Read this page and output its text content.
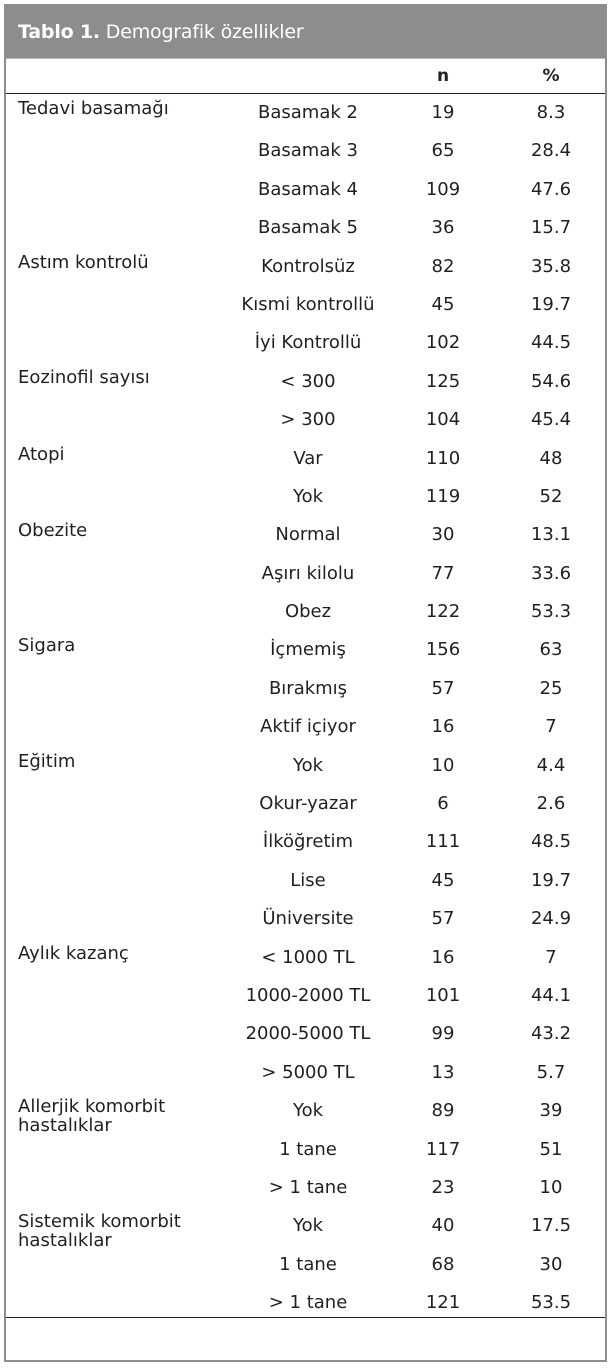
Tablo 1. Demografik özellikler
n	%
Tedavi basamağı	Basamak 2	19	8.3
Basamak 3	65	28.4
Basamak 4	109	47.6
Basamak 5	36	15.7
Astım kontrolü	Kontrolsüz	82	35.8
Kısmi kontrollü	45	19.7
İyi Kontrollü	102	44.5
Eozinofil sayısı	< 300	125	54.6
> 300	104	45.4
Atopi	Var	110	48
Yok	119	52
Obezite	Normal	30	13.1
Aşırı kilolu	77	33.6
Obez	122	53.3
Sigara	İçmemiş	156	63
Bırakmış	57	25
Aktif içiyor	16	7
Eğitim	Yok	10	4.4
Okur-yazar	6	2.6
İlköğretim	111	48.5
Lise	45	19.7
Üniversite	57	24.9
Aylık kazanç	< 1000 TL	16	7
1000-2000 TL	101	44.1
2000-5000 TL	99	43.2
> 5000 TL	13	5.7
Allerjik komorbit hastalıklar
Yok	89	39
1 tane	117	51
> 1 tane	23	10
Sistemik komorbit hastalıklar
Yok	40	17.5
1 tane	68	30
> 1 tane	121	53.5
